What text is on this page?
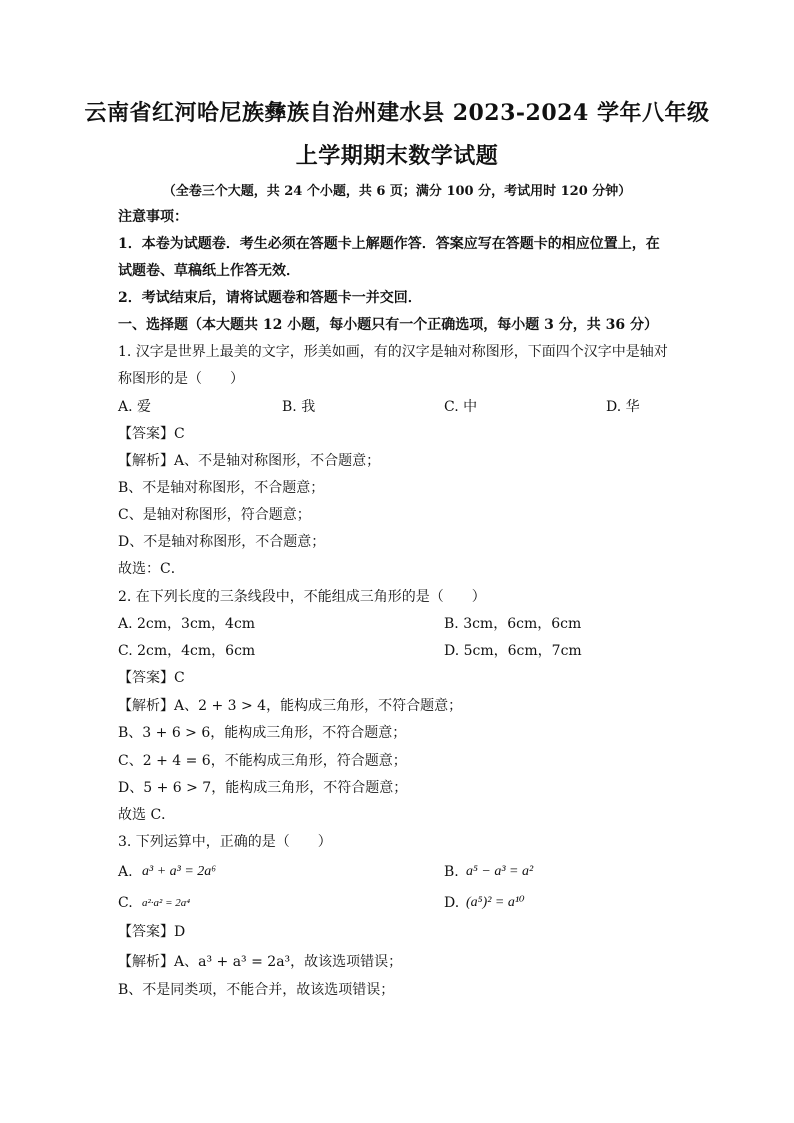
云南省红河哈尼族彝族自治州建水县 2023-2024 学年八年级
上学期期末数学试题
（全卷三个大题，共 24 个小题，共 6 页；满分 100 分，考试用时 120 分钟）
注意事项：
1．本卷为试题卷．考生必须在答题卡上解题作答．答案应写在答题卡的相应位置上，在
试题卷、草稿纸上作答无效．
2．考试结束后，请将试题卷和答题卡一并交回．
一、选择题（本大题共 12 小题，每小题只有一个正确选项，每小题 3 分，共 36 分）
1. 汉字是世界上最美的文字，形美如画，有的汉字是轴对称图形，下面四个汉字中是轴对
称图形的是（　　）
A. 爱	B. 我	C. 中	D. 华
【答案】C
【解析】A、不是轴对称图形，不合题意；
B、不是轴对称图形，不合题意；
C、是轴对称图形，符合题意；
D、不是轴对称图形，不合题意；
故选：C．
2. 在下列长度的三条线段中，不能组成三角形的是（　　）
A. 2cm，3cm，4cm	B. 3cm，6cm，6cm
C. 2cm，4cm，6cm	D. 5cm，6cm，7cm
【答案】C
【解析】A、2 + 3 > 4，能构成三角形，不符合题意；
B、3 + 6 > 6，能构成三角形，不符合题意；
C、2 + 4 = 6，不能构成三角形，符合题意；
D、5 + 6 > 7，能构成三角形，不符合题意；
故选 C．
3. 下列运算中，正确的是（　　）
A. a³ + a³ = 2a⁶	B. a⁵ − a³ = a²
C. a²·a² = 2a⁴	D. (a⁵)² = a¹⁰
【答案】D
【解析】A、a³ + a³ = 2a³，故该选项错误；
B、不是同类项，不能合并，故该选项错误；
